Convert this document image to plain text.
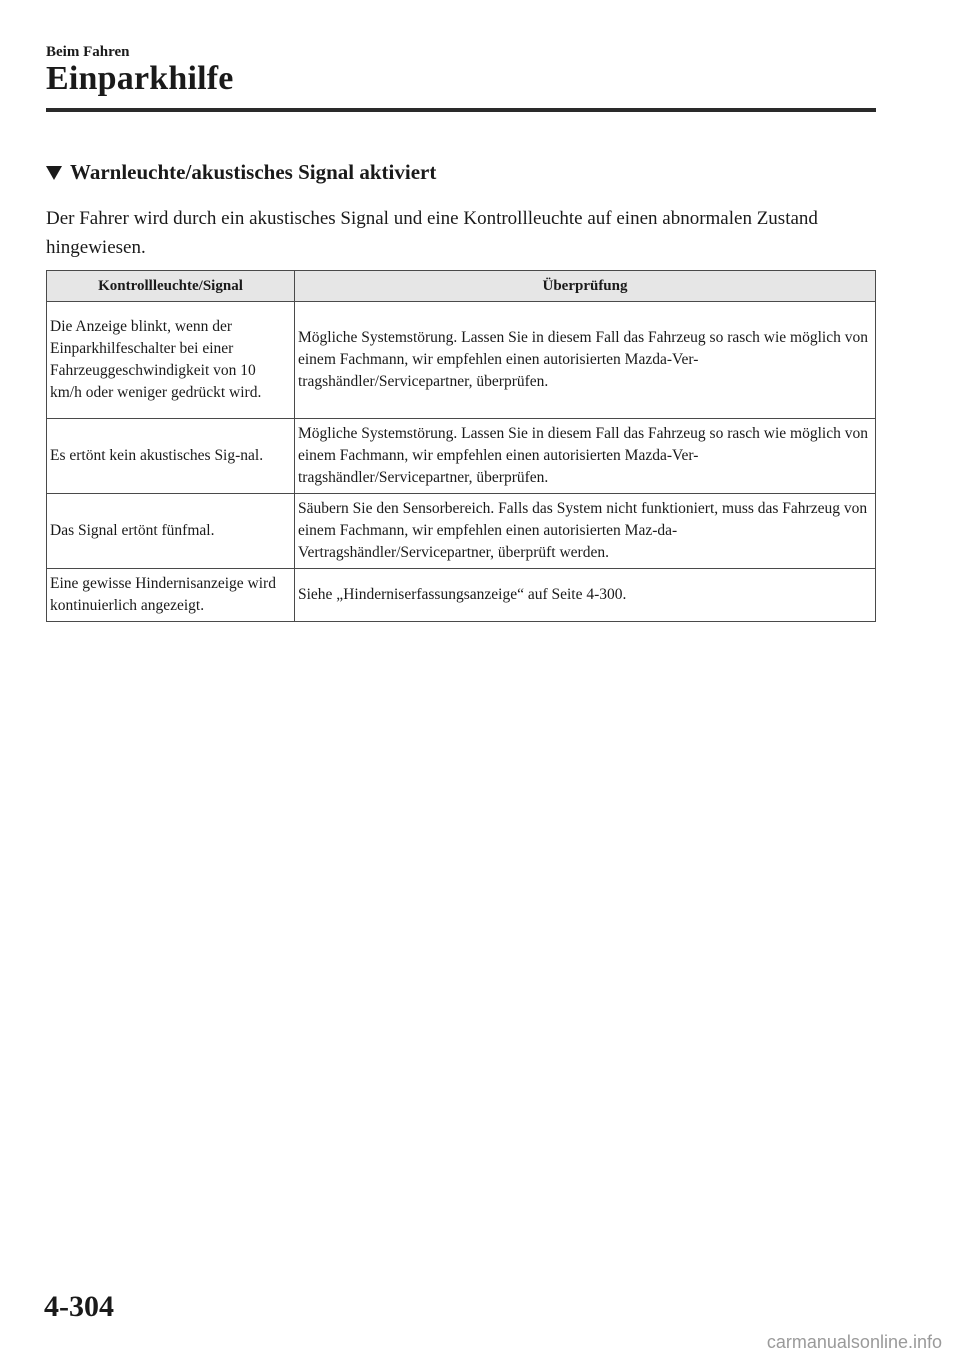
Beim Fahren
Einparkhilfe
Warnleuchte/akustisches Signal aktiviert
Der Fahrer wird durch ein akustisches Signal und eine Kontrollleuchte auf einen abnormalen Zustand hingewiesen.
Kontrollleuchte/Signal	Überprüfung
Die Anzeige blinkt, wenn der Einparkhilfeschalter bei einer Fahrzeuggeschwindigkeit von 10 km/h oder weniger gedrückt wird.	Mögliche Systemstörung. Lassen Sie in diesem Fall das Fahrzeug so rasch wie möglich von einem Fachmann, wir empfehlen einen autorisierten Mazda-Ver-tragshändler/Servicepartner, überprüfen.
Es ertönt kein akustisches Sig-nal.	Mögliche Systemstörung. Lassen Sie in diesem Fall das Fahrzeug so rasch wie möglich von einem Fachmann, wir empfehlen einen autorisierten Mazda-Ver-tragshändler/Servicepartner, überprüfen.
Das Signal ertönt fünfmal.	Säubern Sie den Sensorbereich. Falls das System nicht funktioniert, muss das Fahrzeug von einem Fachmann, wir empfehlen einen autorisierten Maz-da-Vertragshändler/Servicepartner, überprüft werden.
Eine gewisse Hindernisanzeige wird kontinuierlich angezeigt.	Siehe „Hinderniserfassungsanzeige“ auf Seite 4-300.
4-304
carmanualsonline.info
